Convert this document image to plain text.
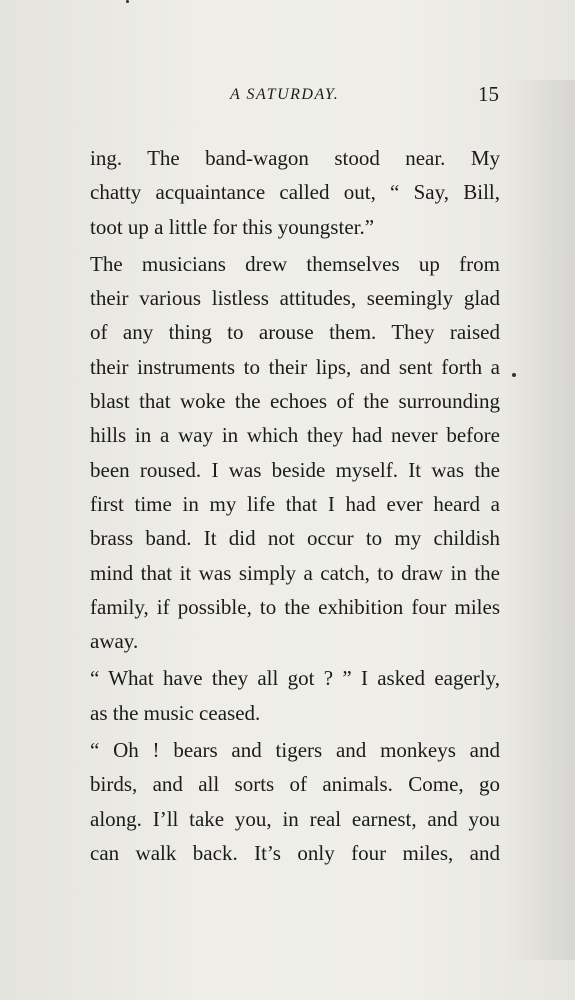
A SATURDAY.	15
ing. The band-wagon stood near. My
chatty acquaintance called out, “ Say, Bill,
toot up a little for this youngster.”
The musicians drew themselves up from
their various listless attitudes, seemingly glad
of any thing to arouse them. They raised
their instruments to their lips, and sent forth a
blast that woke the echoes of the surrounding
hills in a way in which they had never before
been roused. I was beside myself. It was the
first time in my life that I had ever heard a
brass band. It did not occur to my childish
mind that it was simply a catch, to draw in the
family, if possible, to the exhibition four miles
away.
“ What have they all got ? ” I asked eagerly,
as the music ceased.
“ Oh ! bears and tigers and monkeys and
birds, and all sorts of animals. Come, go
along. I’ll take you, in real earnest, and you
can walk back. It’s only four miles, and
